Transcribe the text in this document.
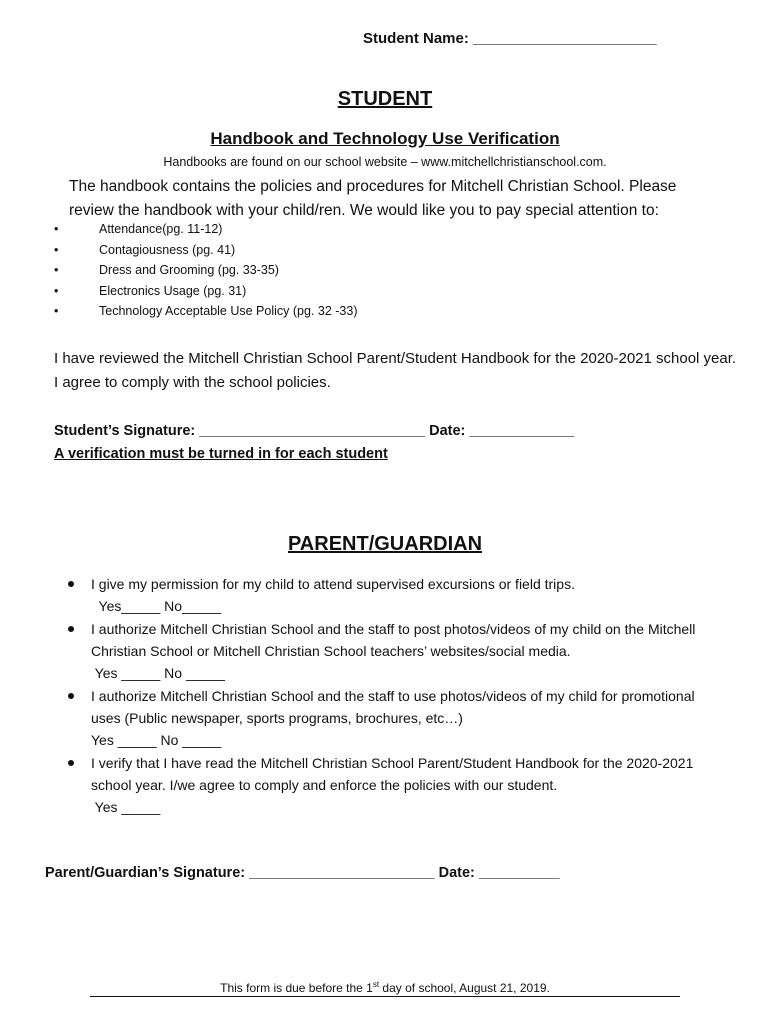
Student Name: ______________________
STUDENT
Handbook and Technology Use Verification
Handbooks are found on our school website – www.mitchellchristianschool.com.
The handbook contains the policies and procedures for Mitchell Christian School. Please review the handbook with your child/ren. We would like you to pay special attention to:
•	Attendance(pg. 11-12)
•	Contagiousness (pg. 41)
•	Dress and Grooming (pg. 33-35)
•	Electronics Usage (pg. 31)
•	Technology Acceptable Use Policy (pg. 32 -33)
I have reviewed the Mitchell Christian School Parent/Student Handbook for the 2020-2021 school year. I agree to comply with the school policies.
Student’s Signature: ____________________________ Date: _____________
A verification must be turned in for each student
PARENT/GUARDIAN
I give my permission for my child to attend supervised excursions or field trips.
Yes_____ No_____
I authorize Mitchell Christian School and the staff to post photos/videos of my child on the Mitchell Christian School or Mitchell Christian School teachers’ websites/social media.
Yes _____ No _____
I authorize Mitchell Christian School and the staff to use photos/videos of my child for promotional uses (Public newspaper, sports programs, brochures, etc…)
Yes _____ No _____
I verify that I have read the Mitchell Christian School Parent/Student Handbook for the 2020-2021 school year. I/we agree to comply and enforce the policies with our student.
Yes _____
Parent/Guardian’s Signature: _______________________ Date: __________
This form is due before the 1st day of school, August 21, 2019.
